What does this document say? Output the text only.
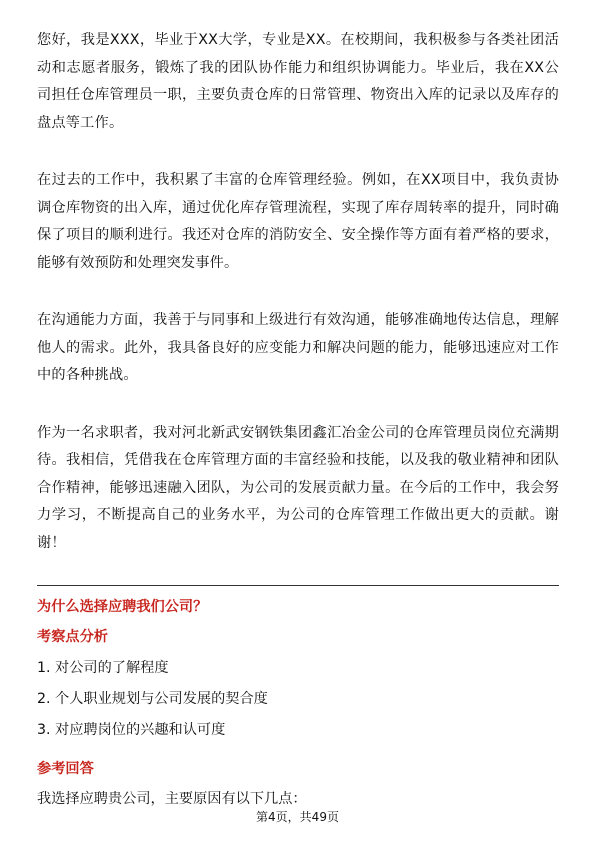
您好，我是XXX，毕业于XX大学，专业是XX。在校期间，我积极参与各类社团活动和志愿者服务，锻炼了我的团队协作能力和组织协调能力。毕业后，我在XX公司担任仓库管理员一职，主要负责仓库的日常管理、物资出入库的记录以及库存的盘点等工作。

在过去的工作中，我积累了丰富的仓库管理经验。例如，在XX项目中，我负责协调仓库物资的出入库，通过优化库存管理流程，实现了库存周转率的提升，同时确保了项目的顺利进行。我还对仓库的消防安全、安全操作等方面有着严格的要求，能够有效预防和处理突发事件。

在沟通能力方面，我善于与同事和上级进行有效沟通，能够准确地传达信息，理解他人的需求。此外，我具备良好的应变能力和解决问题的能力，能够迅速应对工作中的各种挑战。

作为一名求职者，我对河北新武安钢铁集团鑫汇冶金公司的仓库管理员岗位充满期待。我相信，凭借我在仓库管理方面的丰富经验和技能，以及我的敬业精神和团队合作精神，能够迅速融入团队，为公司的发展贡献力量。在今后的工作中，我会努力学习，不断提高自己的业务水平，为公司的仓库管理工作做出更大的贡献。谢谢！

为什么选择应聘我们公司？

考察点分析

1. 对公司的了解程度
2. 个人职业规划与公司发展的契合度
3. 对应聘岗位的兴趣和认可度

参考回答

我选择应聘贵公司，主要原因有以下几点：

第4页，共49页
